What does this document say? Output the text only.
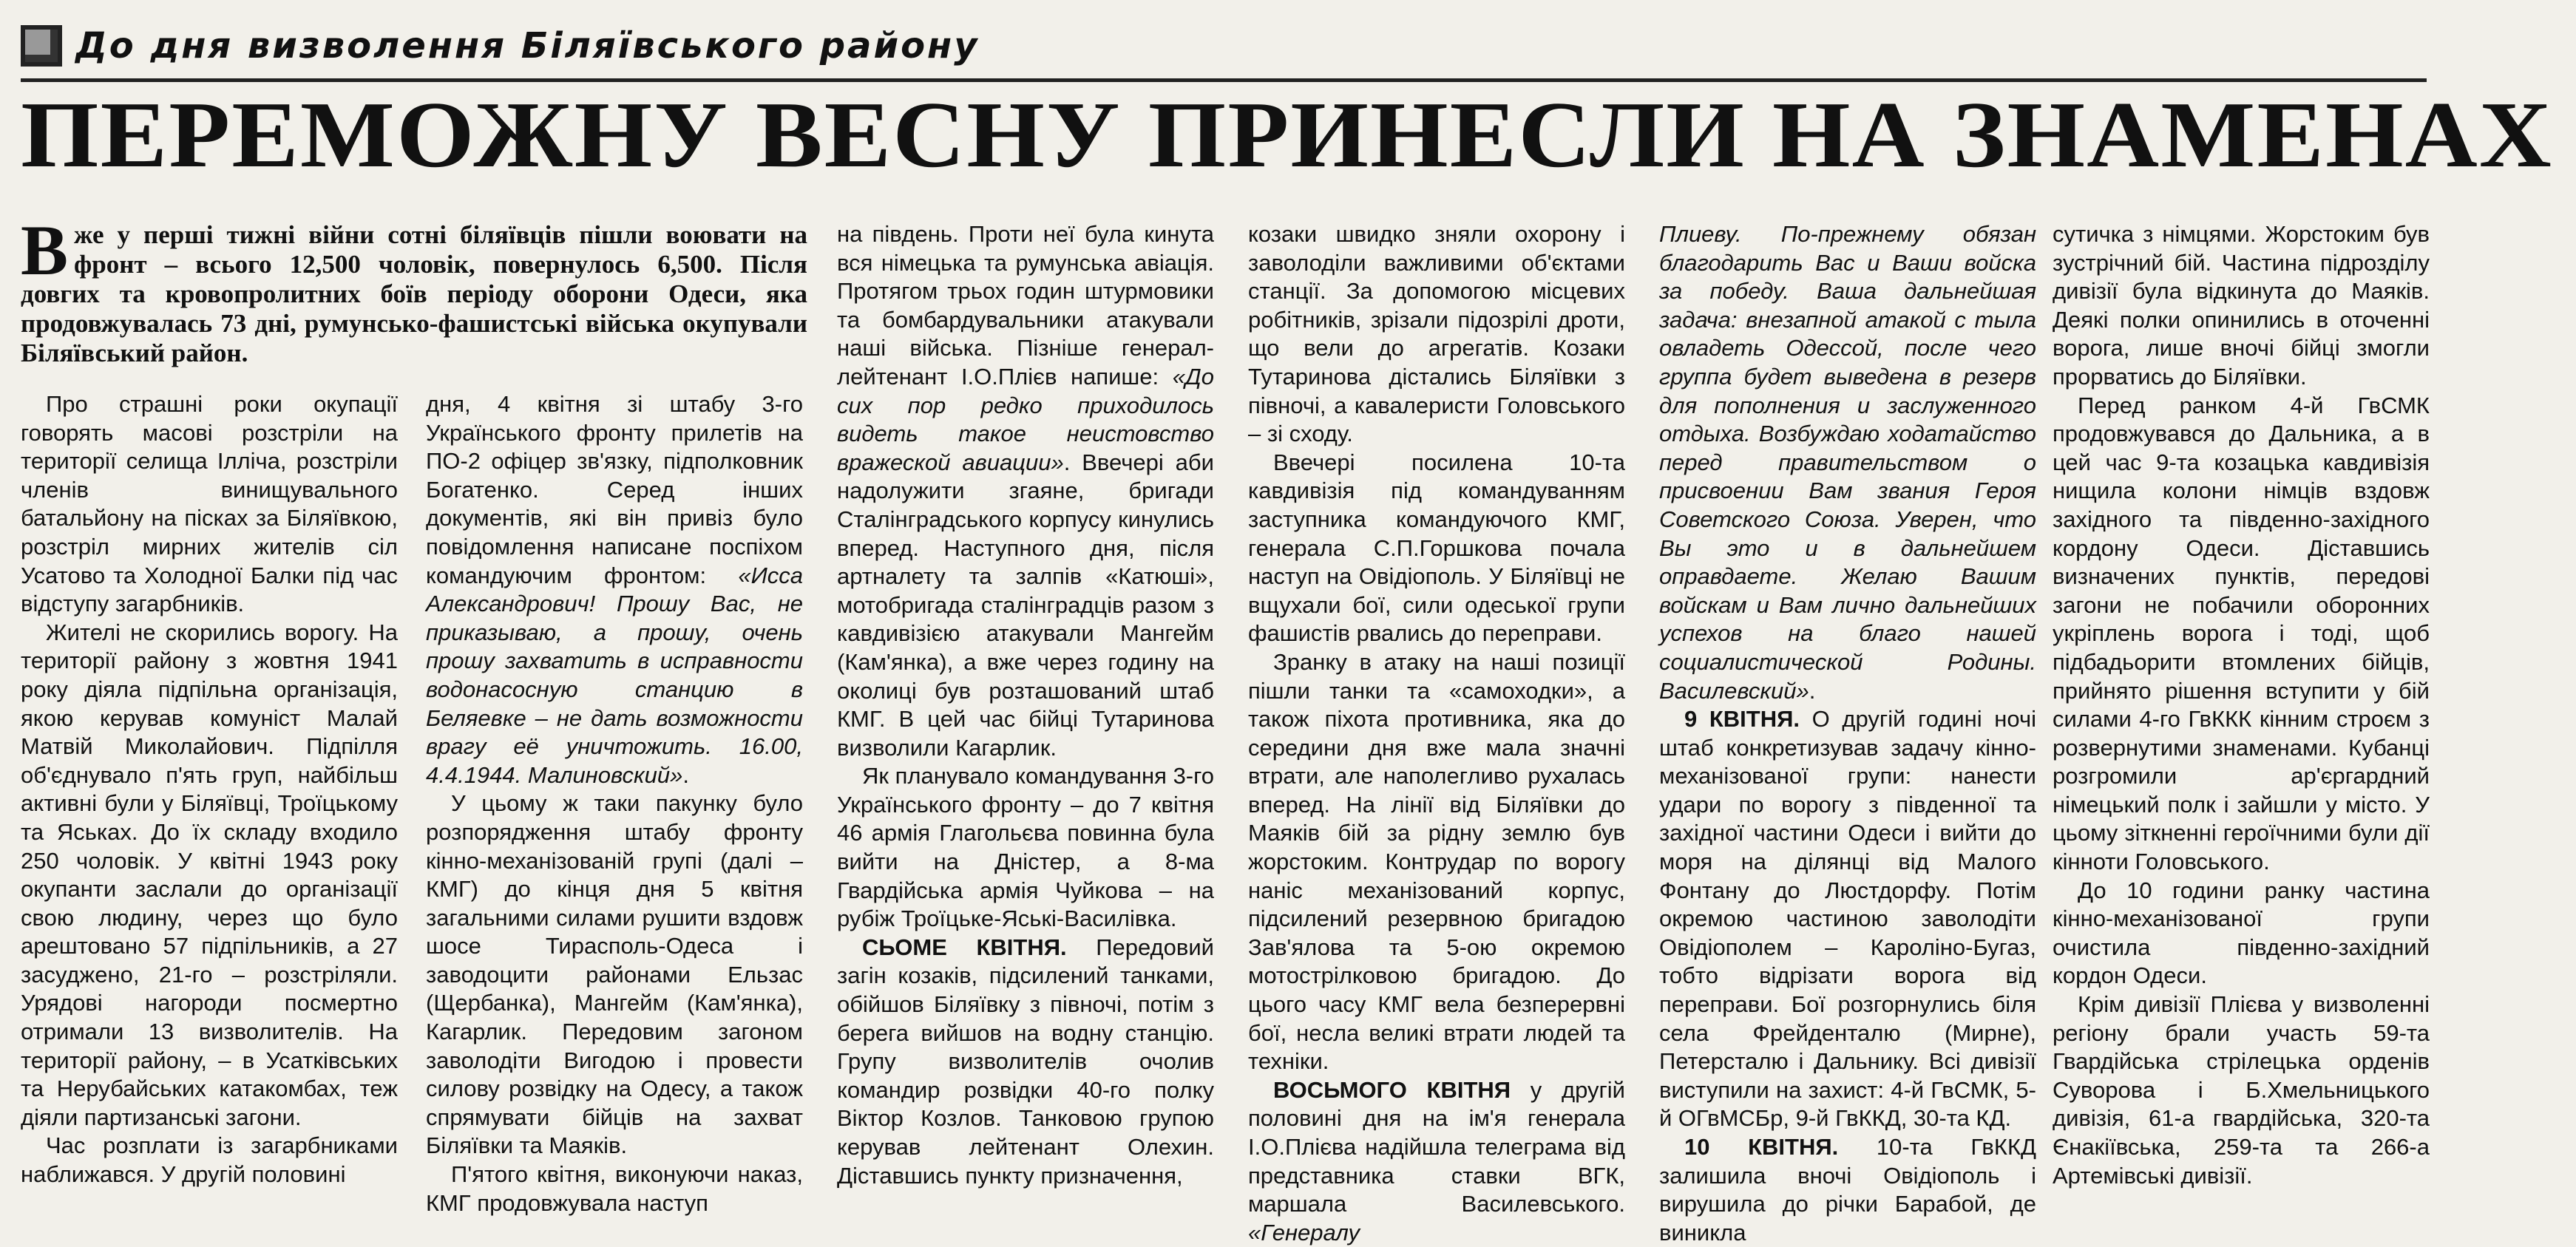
До дня визволення Біляївського району
ПЕРЕМОЖНУ ВЕСНУ ПРИНЕСЛИ НА ЗНАМЕНАХ
Вже у перші тижні війни сотні біляївців пішли воювати на фронт – всього 12,500 чоловік, повернулось 6,500. Після довгих та кровопролитних боїв періоду оборони Одеси, яка продовжувалась 73 дні, румунсько-фашистські війська окупували Біляївський район.

Про страшні роки окупації говорять масові розстріли на території селища Ілліча, розстріли членів винищувального батальйону на пісках за Біляївкою, розстріл мирних жителів сіл Усатово та Холодної Балки під час відступу загарбників.

Жителі не скорились ворогу. На території району з жовтня 1941 року діяла підпільна організація, якою керував комуніст Малай Матвій Миколайович. Підпілля об'єднувало п'ять груп, найбільш активні були у Біляївці, Троїцькому та Яськах. До їх складу входило 250 чоловік. У квітні 1943 року окупанти заслали до організації свою людину, через що було арештовано 57 підпільників, а 27 засуджено, 21-го – розстріляли. Урядові нагороди посмертно отримали 13 визволителів. На території району, – в Усатківських та Нерубайських катакомбах, теж діяли партизанські загони.

Час розплати із загарбниками наближався. У другій половині

дня, 4 квітня зі штабу 3-го Українського фронту прилетів на ПО-2 офіцер зв'язку, підполковник Богатенко. Серед інших документів, які він привіз було повідомлення написане поспіхом командуючим фронтом: «Исса Александрович! Прошу Вас, не приказываю, а прошу, очень прошу захватить в исправности водонасосную станцию в Беляевке – не дать возможности врагу её уничтожить. 16.00, 4.4.1944. Малиновский».

У цьому ж таки пакунку було розпорядження штабу фронту кінно-механізованій групі (далі – КМГ) до кінця дня 5 квітня загальними силами рушити вздовж шосе Тирасполь-Одеса і заводоцити районами Ельзас (Щербанка), Мангейм (Кам'янка), Кагарлик. Передовим загоном заволодіти Вигодою і провести силову розвідку на Одесу, а також спрямувати бійців на захват Біляївки та Маяків.

П'ятого квітня, виконуючи наказ, КМГ продовжувала наступ

на південь. Проти неї була кинута вся німецька та румунська авіація. Протягом трьох годин штурмовики та бомбардувальники атакували наші війська. Пізніше генерал-лейтенант І.О.Плієв напише: «До сих пор редко приходилось видеть такое неистовство вражеской авиации». Ввечері аби надолужити згаяне, бригади Сталінградського корпусу кинулись вперед. Наступного дня, після артналету та залпів «Катюші», мотобригада сталінградців разом з кавдивізією атакували Мангейм (Кам'янка), а вже через годину на околиці був розташований штаб КМГ. В цей час бійці Тутаринова визволили Кагарлик.

Як планувало командування 3-го Українського фронту – до 7 квітня 46 армія Глагольєва повинна була вийти на Дністер, а 8-ма Гвардійська армія Чуйкова – на рубіж Троїцьке-Яські-Василівка.

СЬОМЕ КВІТНЯ. Передовий загін козаків, підсилений танками, обійшов Біляївку з півночі, потім з берега вийшов на водну станцію. Групу визволителів очолив командир розвідки 40-го полку Віктор Козлов. Танковою групою керував лейтенант Олехин. Діставшись пункту призначення,

козаки швидко зняли охорону і заволоділи важливими об'єктами станції. За допомогою місцевих робітників, зрізали підозрілі дроти, що вели до агрегатів. Козаки Тутаринова дістались Біляївки з півночі, а кавалеристи Головського – зі сходу.

Ввечері посилена 10-та кавдивізія під командуванням заступника командуючого КМГ, генерала С.П.Горшкова почала наступ на Овідіополь. У Біляївці не вщухали бої, сили одеської групи фашистів рвались до переправи.

Зранку в атаку на наші позиції пішли танки та «самоходки», а також піхота противника, яка до середини дня вже мала значні втрати, але наполегливо рухалась вперед. На лінії від Біляївки до Маяків бій за рідну землю був жорстоким. Контрудар по ворогу наніс механізований корпус, підсилений резервною бригадою Зав'ялова та 5-ою окремою мотострілковою бригадою. До цього часу КМГ вела безперервні бої, несла великі втрати людей та техніки.

ВОСЬМОГО КВІТНЯ у другій половині дня на ім'я генерала І.О.Плієва надійшла телеграма від представника ставки ВГК, маршала Василевського. «Генералу

Плиеву. По-прежнему обязан благодарить Вас и Ваши войска за победу. Ваша дальнейшая задача: внезапной атакой с тыла овладеть Одессой, после чего группа будет выведена в резерв для пополнения и заслуженного отдыха. Возбуждаю ходатайство перед правительством о присвоении Вам звания Героя Советского Союза. Уверен, что Вы это и в дальнейшем оправдаете. Желаю Вашим войскам и Вам лично дальнейших успехов на благо нашей социалистической Родины. Василевский».

9 КВІТНЯ. О другій годині ночі штаб конкретизував задачу кінно-механізованої групи: нанести удари по ворогу з південної та західної частини Одеси і вийти до моря на ділянці від Малого Фонтану до Люстдорфу. Потім окремою частиною заволодіти Овідіополем – Кароліно-Бугаз, тобто відрізати ворога від переправи. Бої розгорнулись біля села Фрейденталю (Мирне), Петерсталю і Дальнику. Всі дивізії виступили на захист: 4-й ГвСМК, 5-й ОГвМСБр, 9-й ГвККД, 30-та КД.

10 КВІТНЯ. 10-та ГвККД залишила вночі Овідіополь і вирушила до річки Барабой, де виникла

сутичка з німцями. Жорстоким був зустрічний бій. Частина підрозділу дивізії була відкинута до Маяків. Деякі полки опинились в оточенні ворога, лише вночі бійці змогли прорватись до Біляївки.

Перед ранком 4-й ГвСМК продовжувався до Дальника, а в цей час 9-та козацька кавдивізія нищила колони німців вздовж західного та південно-західного кордону Одеси. Діставшись визначених пунктів, передові загони не побачили оборонних укріплень ворога і тоді, щоб підбадьорити втомлених бійців, прийнято рішення вступити у бій силами 4-го ГвККК кінним строєм з розвернутими знаменами. Кубанці розгромили ар'єргардний німецький полк і зайшли у місто. У цьому зіткненні героїчними були дії кінноти Головського.

До 10 години ранку частина кінно-механізованої групи очистила південно-західний кордон Одеси.

Крім дивізії Плієва у визволенні регіону брали участь 59-та Гвардійська стрілецька орденів Суворова і Б.Хмельницького дивізія, 61-а гвардійська, 320-та Єнакіївська, 259-та та 266-а Артемівські дивізії.
